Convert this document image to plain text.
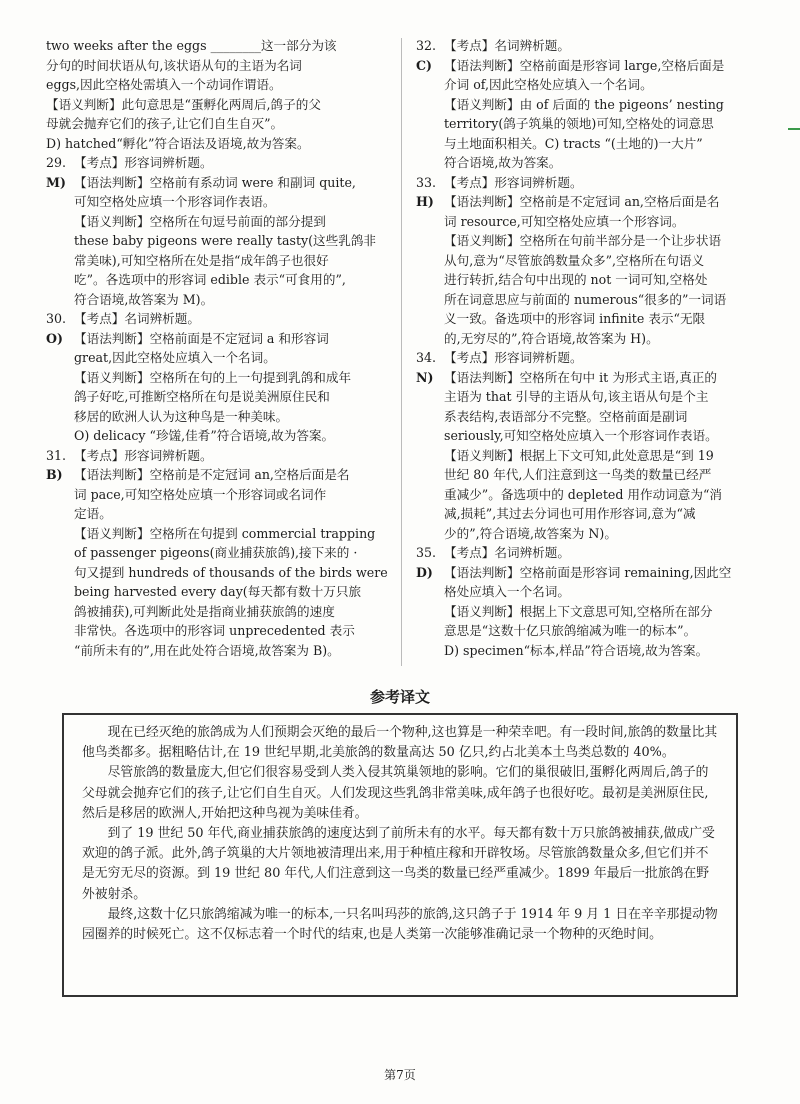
two weeks after the eggs ________这一部分为该
分句的时间状语从句,该状语从句的主语为名词
eggs,因此空格处需填入一个动词作谓语。
【语义判断】此句意思是“蛋孵化两周后,鸽子的父
母就会抛弃它们的孩子,让它们自生自灭”。
D) hatched“孵化”符合语法及语境,故为答案。
29. 【考点】形容词辨析题。
M) 【语法判断】空格前有系动词 were 和副词 quite,
可知空格处应填一个形容词作表语。
【语义判断】空格所在句逗号前面的部分提到
these baby pigeons were really tasty(这些乳鸽非
常美味),可知空格所在处是指“成年鸽子也很好
吃”。各选项中的形容词 edible 表示“可食用的”,
符合语境,故答案为 M)。
30. 【考点】名词辨析题。
O) 【语法判断】空格前面是不定冠词 a 和形容词
great,因此空格处应填入一个名词。
【语义判断】空格所在句的上一句提到乳鸽和成年
鸽子好吃,可推断空格所在句是说美洲原住民和
移居的欧洲人认为这种鸟是一种美味。
O) delicacy “珍馐,佳肴”符合语境,故为答案。
31. 【考点】形容词辨析题。
B) 【语法判断】空格前是不定冠词 an,空格后面是名
词 pace,可知空格处应填一个形容词或名词作
定语。
【语义判断】空格所在句提到 commercial trapping
of passenger pigeons(商业捕获旅鸽),接下来的 ·
句又提到 hundreds of thousands of the birds were
being harvested every day(每天都有数十万只旅
鸽被捕获),可判断此处是指商业捕获旅鸽的速度
非常快。各选项中的形容词 unprecedented 表示
“前所未有的”,用在此处符合语境,故答案为 B)。
32. 【考点】名词辨析题。
C) 【语法判断】空格前面是形容词 large,空格后面是
介词 of,因此空格处应填入一个名词。
【语义判断】由 of 后面的 the pigeons’ nesting
territory(鸽子筑巢的领地)可知,空格处的词意思
与土地面积相关。C) tracts “(土地的)一大片”
符合语境,故为答案。
33. 【考点】形容词辨析题。
H) 【语法判断】空格前是不定冠词 an,空格后面是名
词 resource,可知空格处应填一个形容词。
【语义判断】空格所在句前半部分是一个让步状语
从句,意为“尽管旅鸽数量众多”,空格所在句语义
进行转折,结合句中出现的 not 一词可知,空格处
所在词意思应与前面的 numerous“很多的”一词语
义一致。备选项中的形容词 infinite 表示“无限
的,无穷尽的”,符合语境,故答案为 H)。
34. 【考点】形容词辨析题。
N) 【语法判断】空格所在句中 it 为形式主语,真正的
主语为 that 引导的主语从句,该主语从句是个主
系表结构,表语部分不完整。空格前面是副词
seriously,可知空格处应填入一个形容词作表语。
【语义判断】根据上下文可知,此处意思是“到 19
世纪 80 年代,人们注意到这一鸟类的数量已经严
重减少”。备选项中的 depleted 用作动词意为“消
减,损耗”,其过去分词也可用作形容词,意为“减
少的”,符合语境,故答案为 N)。
35. 【考点】名词辨析题。
D) 【语法判断】空格前面是形容词 remaining,因此空
格处应填入一个名词。
【语义判断】根据上下文意思可知,空格所在部分
意思是“这数十亿只旅鸽缩减为唯一的标本”。
D) specimen“标本,样品”符合语境,故为答案。
参考译文

现在已经灭绝的旅鸽成为人们预期会灭绝的最后一个物种,这也算是一种荣幸吧。有一段时间,旅鸽的数量比其他鸟类都多。据粗略估计,在 19 世纪早期,北美旅鸽的数量高达 50 亿只,约占北美本土鸟类总数的 40%。

尽管旅鸽的数量庞大,但它们很容易受到人类入侵其筑巢领地的影响。它们的巢很破旧,蛋孵化两周后,鸽子的父母就会抛弃它们的孩子,让它们自生自灭。人们发现这些乳鸽非常美味,成年鸽子也很好吃。最初是美洲原住民,然后是移居的欧洲人,开始把这种鸟视为美味佳肴。

到了 19 世纪 50 年代,商业捕获旅鸽的速度达到了前所未有的水平。每天都有数十万只旅鸽被捕获,做成广受欢迎的鸽子派。此外,鸽子筑巢的大片领地被清理出来,用于种植庄稼和开辟牧场。尽管旅鸽数量众多,但它们并不是无穷无尽的资源。到 19 世纪 80 年代,人们注意到这一鸟类的数量已经严重减少。1899 年最后一批旅鸽在野外被射杀。

最终,这数十亿只旅鸽缩减为唯一的标本,一只名叫玛莎的旅鸽,这只鸽子于 1914 年 9 月 1 日在辛辛那提动物园圈养的时候死亡。这不仅标志着一个时代的结束,也是人类第一次能够准确记录一个物种的灭绝时间。

第7页
